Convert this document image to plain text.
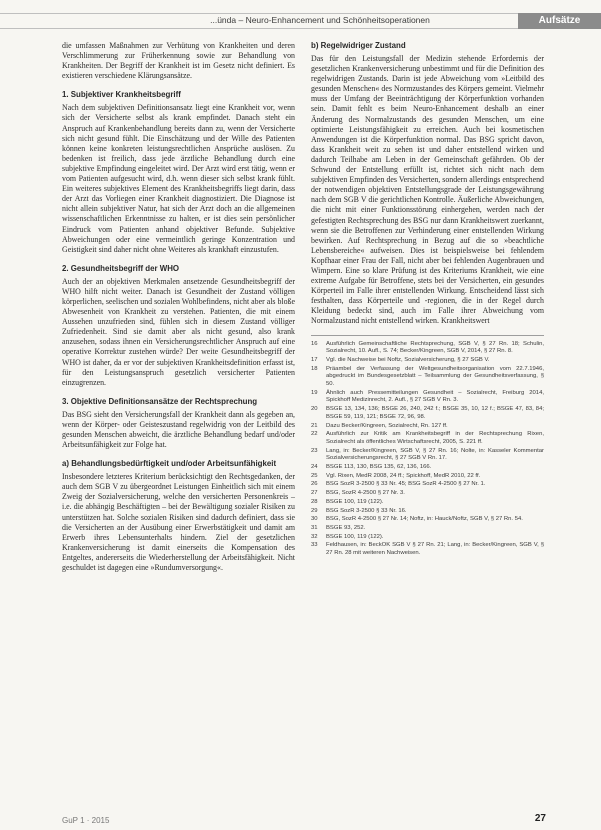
...ünda – Neuro-Enhancement und Schönheitsoperationen	Aufsätze

die umfassen Maßnahmen zur Verhütung von Krankheiten und deren Verschlimmerung zur Früherkennung sowie zur Behandlung von Krankheiten. Der Begriff der Krankheit ist im Gesetz nicht definiert. Es existieren verschiedene Klärungsansätze.

1. Subjektiver Krankheitsbegriff

Nach dem subjektiven Definitionsansatz liegt eine Krankheit vor, wenn sich der Versicherte selbst als krank empfindet. Danach steht ein Anspruch auf Krankenbehandlung bereits dann zu, wenn der Versicherte sich nicht gesund fühlt. Die Einschätzung und der Wille des Patienten können keine konkreten leistungsrechtlichen Ansprüche auslösen. Zu bedenken ist freilich, dass jede ärztliche Behandlung durch eine subjektive Empfindung eingeleitet wird. Der Arzt wird erst tätig, wenn er vom Patienten aufgesucht wird, d.h. wenn dieser sich selbst krank fühlt. Ein weiteres subjektives Element des Krankheitsbegriffs liegt darin, dass der Arzt das Vorliegen einer Krankheit diagnostiziert. Die Diagnose ist nicht allein subjektiver Natur, hat sich der Arzt doch an die allgemeinen wissenschaftlichen Erkenntnisse zu halten, er ist dies sein persönlicher Eindruck vom Patienten anhand objektiver Befunde. Subjektive Abweichungen oder eine vermeintlich geringe Konzentration und Geistigkeit sind daher nicht ohne Weiteres als krankhaft einzustufen.

2. Gesundheitsbegriff der WHO

Auch der an objektiven Merkmalen ansetzende Gesundheitsbegriff der WHO hilft nicht weiter. Danach ist Gesundheit der Zustand völligen körperlichen, seelischen und sozialen Wohlbefindens, nicht aber als bloße Abwesenheit von Krankheit zu verstehen. Patienten, die mit einem Aussehen unzufrieden sind, fühlen sich in diesem Zustand völliger Zufriedenheit. Sind sie damit aber als nicht gesund, also krank anzusehen, sodass ihnen ein Versicherungsrechtlicher Anspruch auf eine operative Korrektur zustehen würde? Der weite Gesundheitsbegriff der WHO ist daher, da er vor der subjektiven Krankheitsdefinition erfasst ist, für den Leistungsanspruch gesetzlich versicherter Patienten einzugrenzen.

3. Objektive Definitionsansätze der Rechtsprechung

Das BSG sieht den Versicherungsfall der Krankheit dann als gegeben an, wenn der Körper- oder Geisteszustand regelwidrig von der Leitbild des gesunden Menschen abweicht, die ärztliche Behandlung bedarf und/oder Arbeitsunfähigkeit zur Folge hat.

a) Behandlungsbedürftigkeit und/oder Arbeitsunfähigkeit

Insbesondere letzteres Kriterium berücksichtigt den Rechtsgedanken, der auch dem SGB V zu übergeordnet Leistungen Einheitlich sich mit einem Zweig der Sozialversicherung, welche den versicherten Personenkreis – i.e. die abhängig Beschäftigten – bei der Bewältigung sozialer Risiken zu unterstützen hat. Solche sozialen Risiken sind dadurch definiert, dass sie die Versicherten an der Ausübung einer Erwerbstätigkeit und damit am Erwerb ihres Lebensunterhalts hindern. Ziel der gesetzlichen Krankenversicherung ist damit einerseits die Kompensation des Entgeltes, andererseits die Wiederherstellung der Arbeitsfähigkeit. Nicht geschuldet ist dagegen eine »Rundumversorgung«.

b) Regelwidriger Zustand

Das für den Leistungsfall der Medizin stehende Erfordernis der gesetzlichen Krankenversicherung unbestimmt und für die Definition des regelwidrigen Zustands. Darin ist jede Abweichung vom »Leitbild des gesunden Menschen« des Normzustandes des Körpers gemeint. Vielmehr muss der Umfang der Beeinträchtigung der Körperfunktion vorhanden sein. Damit fehlt es beim Neuro-Enhancement deshalb an einer Änderung des Normalzustands des gesunden Menschen, um eine optimierte Leistungsfähigkeit zu erreichen. Auch bei kosmetischen Anwendungen ist die Körperfunktion normal. Das BSG spricht davon, dass Krankheit weit zu sehen ist und daher entstellend wirken und dadurch Teilhabe am Leben in der Gemeinschaft gefährden. Ob der Schwund der Entstellung erfüllt ist, richtet sich nicht nach dem subjektiven Empfinden des Versicherten, sondern allerdings entsprechend der notwendigen objektiven Entstellungsgrade der Leistungsgewährung nach dem SGB V die gerichtlichen Kontrolle. Äußerliche Abweichungen, die nicht mit einer Funktionsstörung einhergehen, werden nach der gefestigten Rechtsprechung des BSG nur dann Krankheitswert zuerkannt, wenn sie die Betroffenen zur Verhinderung einer entstellenden Wirkung bewirken. Auf Rechtsprechung in Bezug auf die so »beachtliche Lebensbereiche« aufweisen. Dies ist beispielsweise bei fehlendem Kopfhaar einer Frau der Fall, nicht aber bei fehlenden Augenbrauen und Wimpern. Eine so klare Prüfung ist des Kriteriums Krankheit, wie eine extreme Aufgabe für Betroffene, stets bei der Versicherten, ein gesundes Körperteil im Falle ihrer entstellenden Wirkung. Entscheidend lässt sich festhalten, dass Körperteile und -regionen, die in der Regel durch Kleidung bedeckt sind, auch im Falle ihrer Abweichung vom Normalzustand nicht entstellend wirken. Krankheitswert

16	Ausführlich Gemeinschaftliche Rechtsprechung, SGB V, § 27 Rn. 18; Schulin, Sozialrecht, 10. Aufl., S. 74; Becker/Kingreen, SGB V, 2014, § 27 Rn. 8.
17	Vgl. die Nachweise bei Noftz, Sozialversicherung, § 27 SGB V.
18	Präambel der Verfassung der Weltgesundheitsorganisation vom 22.7.1946, abgedruckt im Bundesgesetzblatt – Teilsammlung der Gesundheitsverfassung, § 50.
19	Ähnlich auch Pressemitteilungen Gesundheit – Sozialrecht, Freiburg 2014, Spickhoff Medizinrecht, 2. Aufl., § 27 SGB V Rn. 3.
20	BSGE 13, 134, 136; BSGE 26, 240, 242 f.; BSGE 35, 10, 12 f.; BSGE 47, 83, 84; BSGE 59, 119, 121; BSGE 72, 96, 98.
21	Dazu Becker/Kingreen, Sozialrecht, Rn. 127 ff.
22	Ausführlich zur Kritik am Krankheitsbegriff in der Rechtsprechung Rixen, Sozialrecht als öffentliches Wirtschaftsrecht, 2005, S. 221 ff.
23	Lang, in: Becker/Kingreen, SGB V, § 27 Rn. 16; Nolte, in: Kasseler Kommentar Sozialversicherungsrecht, § 27 SGB V Rn. 17.
24	BSGE 113, 130, BSG 135, 62, 136, 166.
25	Vgl. Rixen, MedR 2008, 24 ff.; Spickhoff, MedR 2010, 22 ff.
26	BSG SozR 3-2500 § 33 Nr. 45; BSG SozR 4-2500 § 27 Nr. 1.
27	BSG, SozR 4-2500 § 27 Nr. 3.
28	BSGE 100, 119 (122).
29	BSG SozR 3-2500 § 33 Nr. 16.
30	BSG, SozR 4-2500 § 27 Nr. 14; Noftz, in: Hauck/Noftz, SGB V, § 27 Rn. 54.
31	BSGE 93, 252.
32	BSGE 100, 119 (122).
33	Feldhausen, in: BeckOK SGB V § 27 Rn. 21; Lang, in: Becker/Kingreen, SGB V, § 27 Rn. 28 mit weiteren Nachweisen.
GuP 1 · 2015	27
